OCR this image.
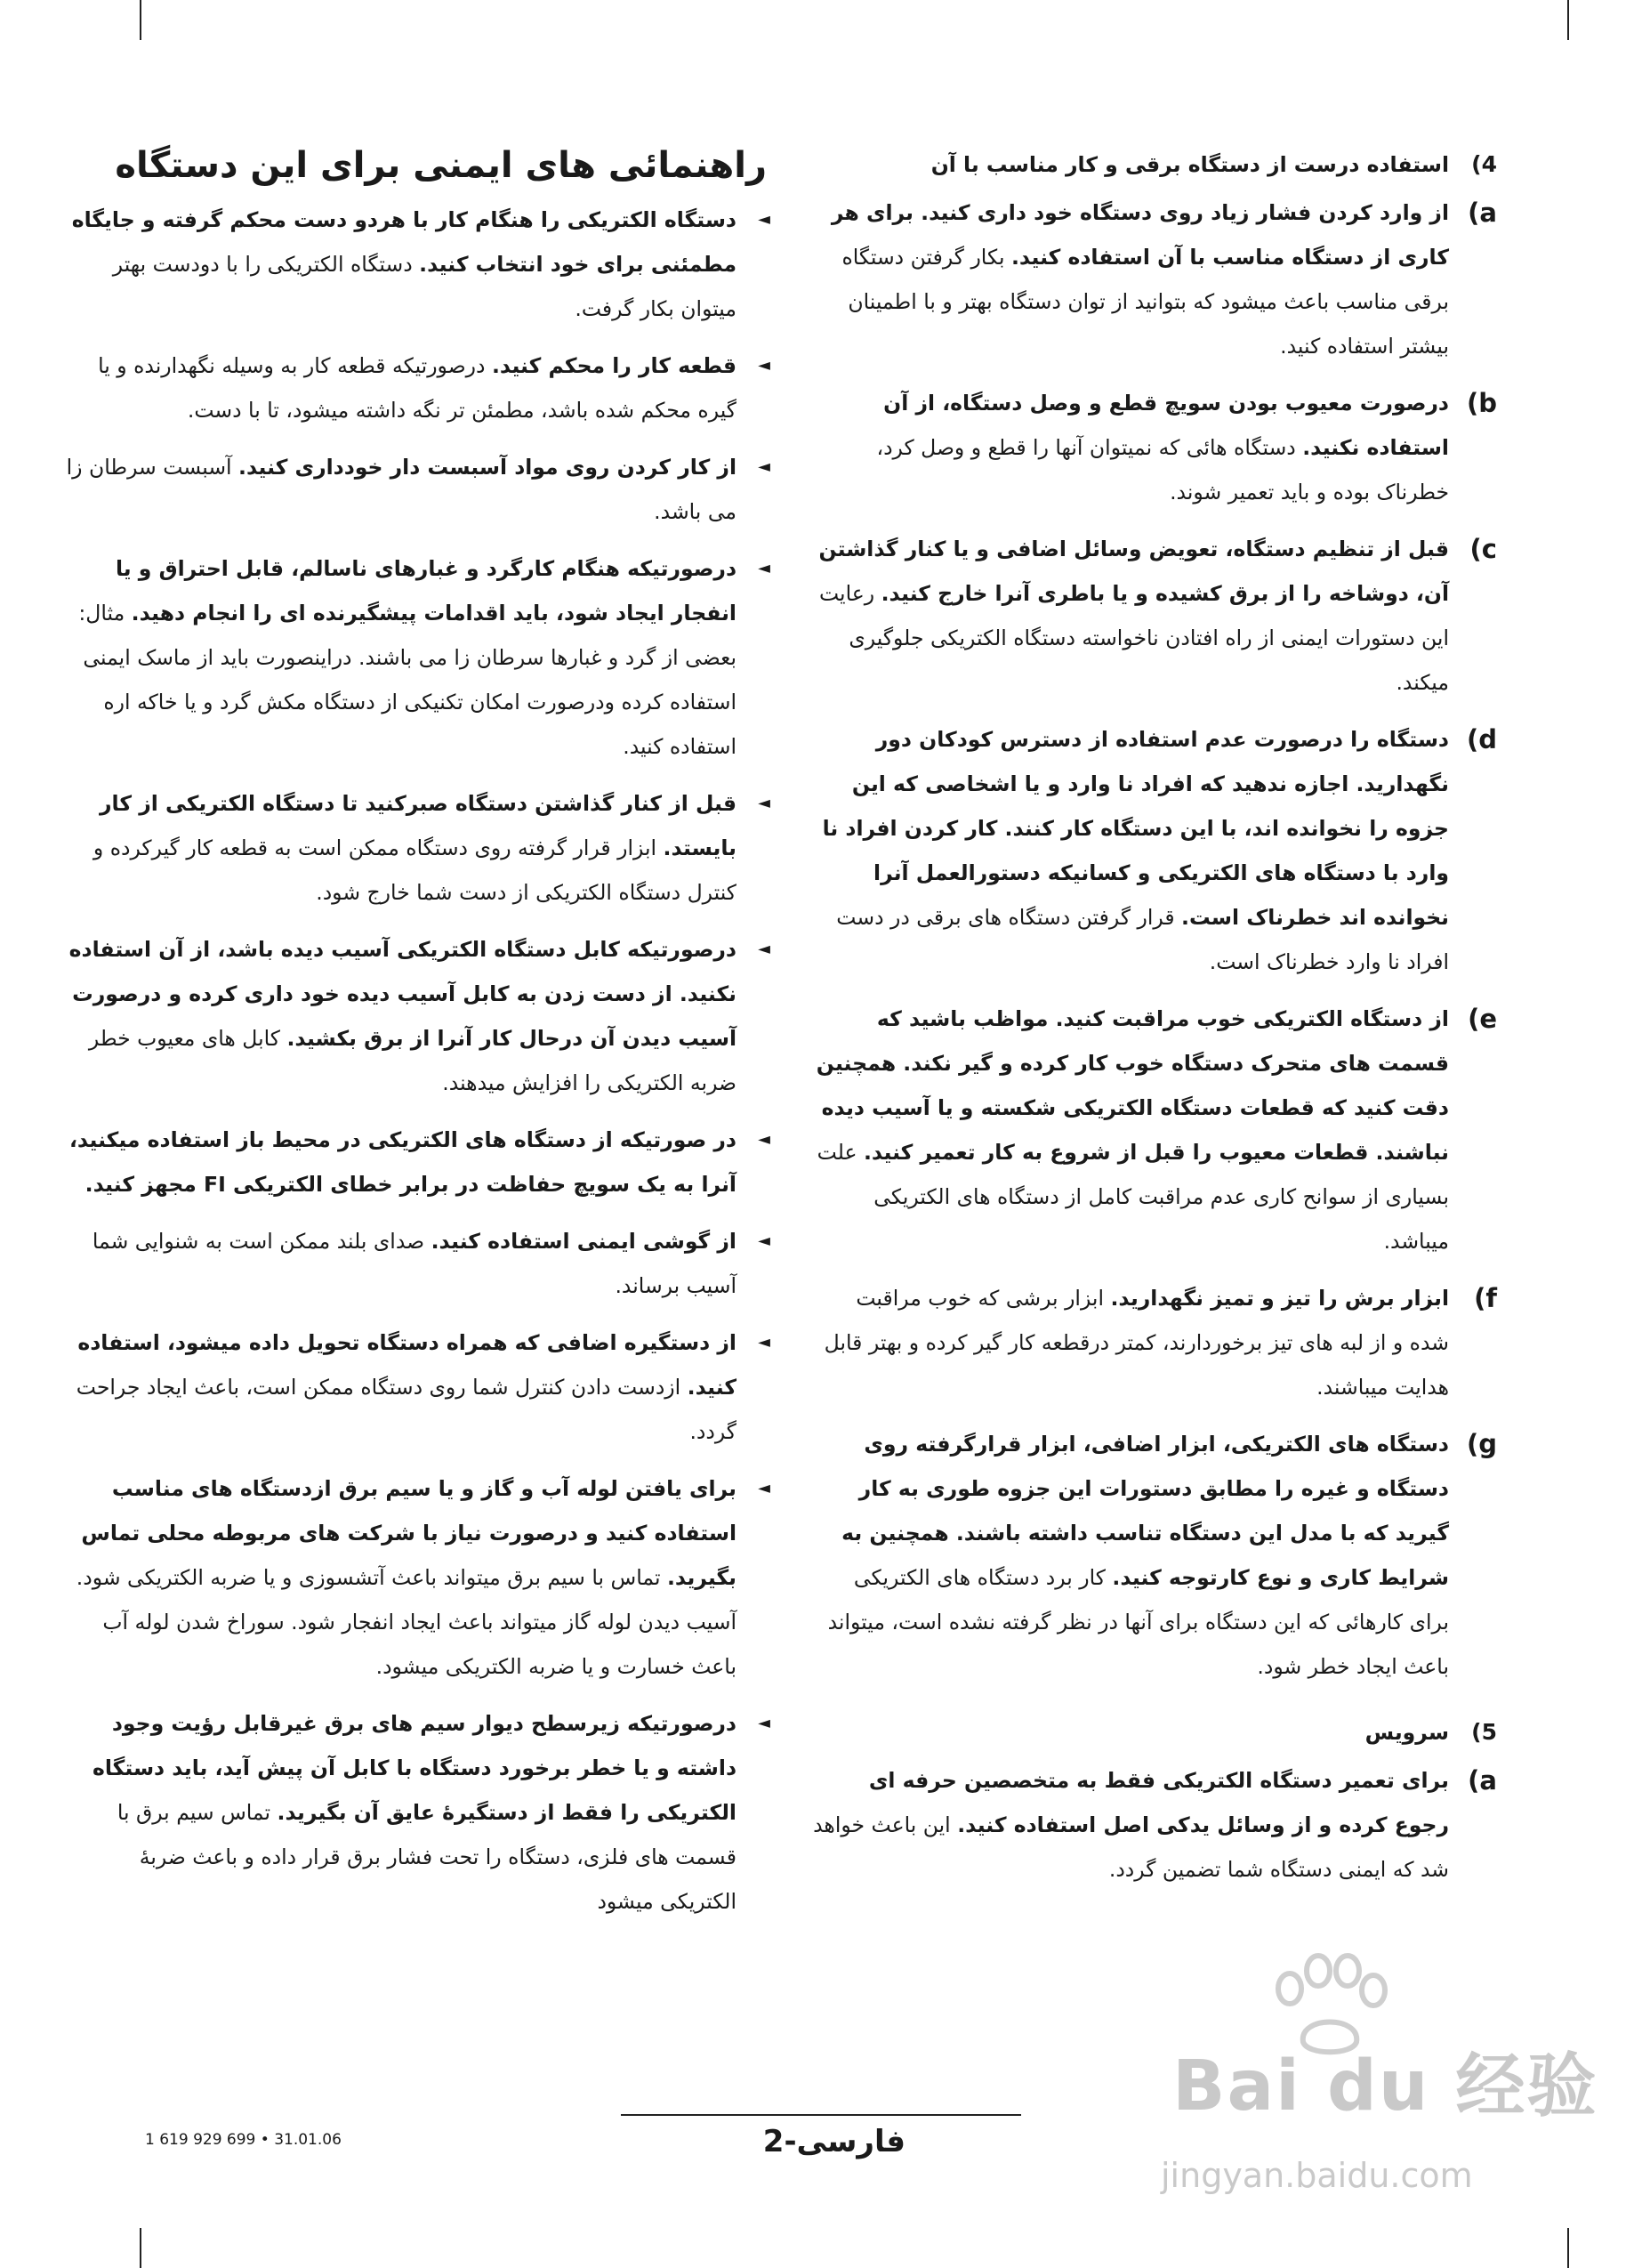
4)
استفاده درست از دستگاه برقی و کار مناسب با آن
a)
از وارد کردن فشار زیاد روی دستگاه خود داری کنید. برای هر کاری از دستگاه مناسب با آن استفاده کنید. بکار گرفتن دستگاه برقی مناسب باعث میشود که بتوانید از توان دستگاه بهتر و با اطمینان بیشتر استفاده کنید.
b)
درصورت معیوب بودن سویچ قطع و وصل دستگاه، از آن استفاده نکنید. دستگاه هائی که نمیتوان آنها را قطع و وصل کرد، خطرناک بوده و باید تعمیر شوند.
c)
قبل از تنظیم دستگاه، تعویض وسائل اضافی و یا کنار گذاشتن آن، دوشاخه را از برق کشیده و یا باطری آنرا خارج کنید. رعایت این دستورات ایمنی از راه افتادن ناخواسته دستگاه الکتریکی جلوگیری میکند.
d)
دستگاه را درصورت عدم استفاده از دسترس کودکان دور نگهدارید. اجازه ندهید که افراد نا وارد و یا اشخاصی که این جزوه را نخوانده اند، با این دستگاه کار کنند. کار کردن افراد نا وارد با دستگاه های الکتریکی و کسانیکه دستورالعمل آنرا نخوانده اند خطرناک است. قرار گرفتن دستگاه های برقی در دست افراد نا وارد خطرناک است.
e)
از دستگاه الکتریکی خوب مراقبت کنید. مواظب باشید که قسمت های متحرک دستگاه خوب کار کرده و گیر نکند. همچنین دقت کنید که قطعات دستگاه الکتریکی شکسته و یا آسیب دیده نباشند. قطعات معیوب را قبل از شروع به کار تعمیر کنید. علت بسیاری از سوانح کاری عدم مراقبت کامل از دستگاه های الکتریکی میباشد.
f)
ابزار برش را تیز و تمیز نگهدارید. ابزار برشی که خوب مراقبت شده و از لبه های تیز برخوردارند، کمتر درقطعه کار گیر کرده و بهتر قابل هدایت میباشند.
g)
دستگاه های الکتریکی، ابزار اضافی، ابزار قرارگرفته روی دستگاه و غیره را مطابق دستورات این جزوه طوری به کار گیرید که با مدل این دستگاه تناسب داشته باشند. همچنین به شرایط کاری و نوع کارتوجه کنید. کار برد دستگاه های الکتریکی برای کارهائی که این دستگاه برای آنها در نظر گرفته نشده است، میتواند باعث ایجاد خطر شود.
5)
سرویس
a)
برای تعمیر دستگاه الکتریکی فقط به متخصصین حرفه ای رجوع کرده و از وسائل یدکی اصل استفاده کنید. این باعث خواهد شد که ایمنی دستگاه شما تضمین گردد.
راهنمائی های ایمنی برای این دستگاه
◄
دستگاه الکتریکی را هنگام کار با هردو دست محکم گرفته و جایگاه مطمئنی برای خود انتخاب کنید. دستگاه الکتریکی را با دودست بهتر میتوان بکار گرفت.
◄
قطعه کار را محکم کنید. درصورتیکه قطعه کار به وسیله نگهدارنده و یا گیره محکم شده باشد، مطمئن تر نگه داشته میشود، تا با دست.
◄
از کار کردن روی مواد آسبست دار خودداری کنید. آسبست سرطان زا می باشد.
◄
درصورتیکه هنگام کارگرد و غبارهای ناسالم، قابل احتراق و یا انفجار ایجاد شود، باید اقدامات پیشگیرنده ای را انجام دهید. مثال: بعضی از گرد و غبارها سرطان زا می باشند. دراینصورت باید از ماسک ایمنی استفاده کرده ودرصورت امکان تکنیکی از دستگاه مکش گرد و یا خاکه اره استفاده کنید.
◄
قبل از کنار گذاشتن دستگاه صبرکنید تا دستگاه الکتریکی از کار بایستد. ابزار قرار گرفته روی دستگاه ممکن است به قطعه کار گیرکرده و کنترل دستگاه الکتریکی از دست شما خارج شود.
◄
درصورتیکه کابل دستگاه الکتریکی آسیب دیده باشد، از آن استفاده نکنید. از دست زدن به کابل آسیب دیده خود داری کرده و درصورت آسیب دیدن آن درحال کار آنرا از برق بکشید. کابل های معیوب خطر ضربه الکتریکی را افزایش میدهند.
◄
در صورتیکه از دستگاه های الکتریکی در محیط باز استفاده میکنید، آنرا به یک سویچ حفاظت در برابر خطای الکتریکی FI مجهز کنید.
◄
از گوشی ایمنی استفاده کنید. صدای بلند ممکن است به شنوایی شما آسیب برساند.
◄
از دستگیره اضافی که همراه دستگاه تحویل داده میشود، استفاده کنید. ازدست دادن کنترل شما روی دستگاه ممکن است، باعث ایجاد جراحت گردد.
◄
برای یافتن لوله آب و گاز و یا سیم برق ازدستگاه های مناسب استفاده کنید و درصورت نیاز با شرکت های مربوطه محلی تماس بگیرید. تماس با سیم برق میتواند باعث آتشسوزی و یا ضربه الکتریکی شود. آسیب دیدن لوله گاز میتواند باعث ایجاد انفجار شود. سوراخ شدن لوله آب باعث خسارت و یا ضربه الکتریکی میشود.
◄
درصورتیکه زیرسطح دیوار سیم های برق غیرقابل رؤیت وجود داشته و یا خطر برخورد دستگاه با کابل آن پیش آید، باید دستگاه الکتریکی را فقط از دستگیرهٔ عایق آن بگیرید. تماس سیم برق با قسمت های فلزی، دستگاه را تحت فشار برق قرار داده و باعث ضربهٔ الکتریکی میشود
فارسی-2
1 619 929 699 • 31.01.06
Bai du 经验
jingyan.baidu.com
